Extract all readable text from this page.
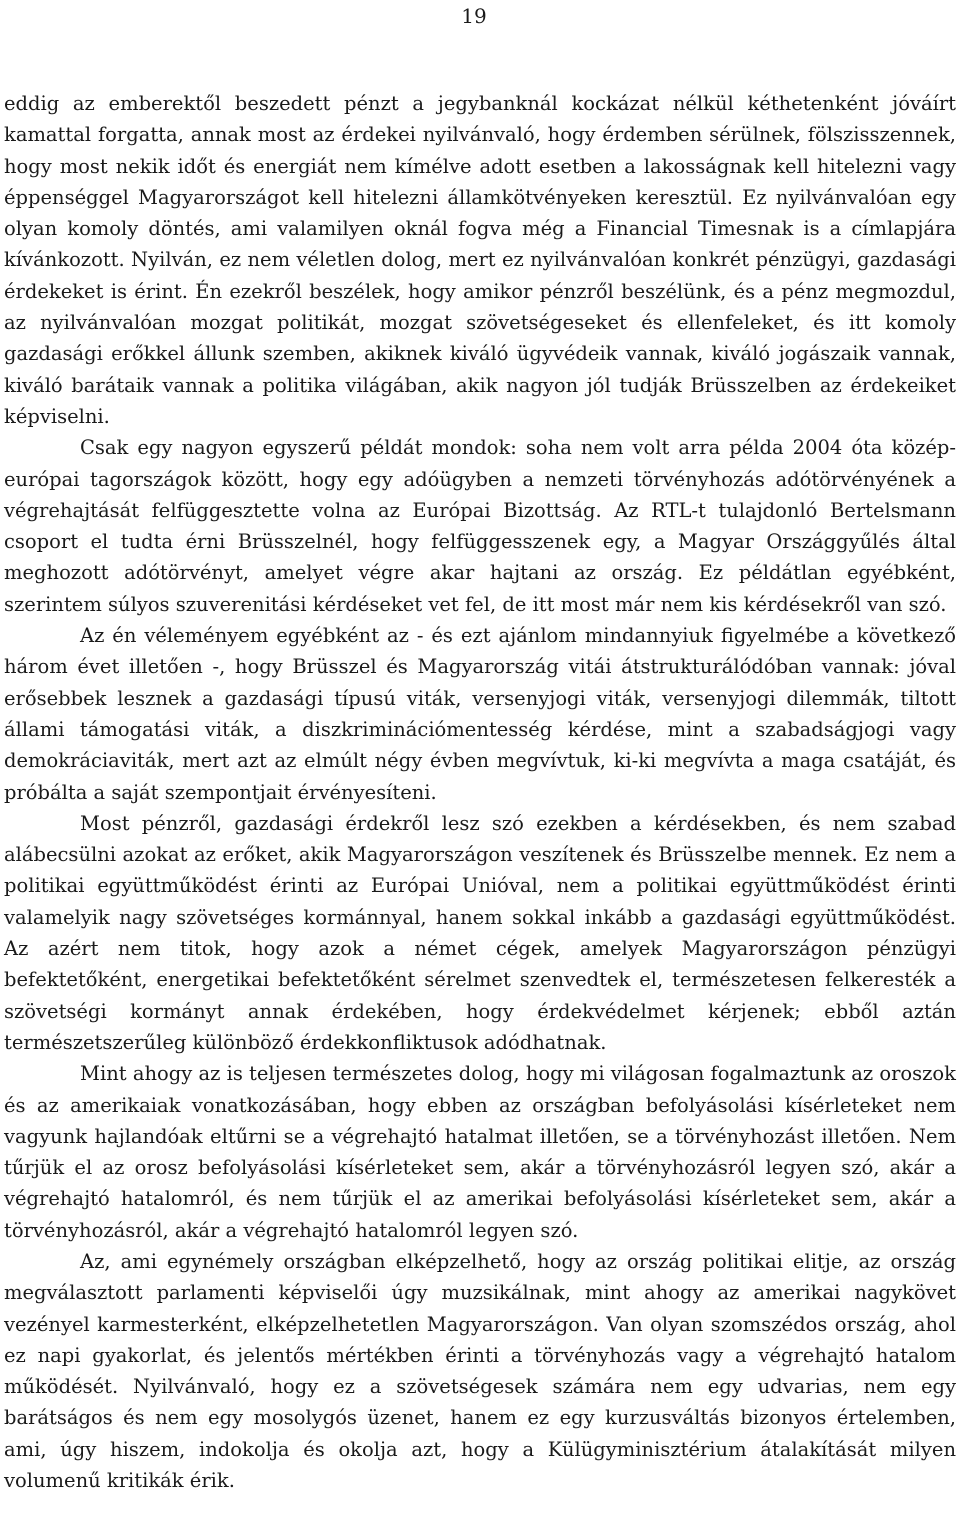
19

eddig az emberektől beszedett pénzt a jegybanknál kockázat nélkül kéthetenként jóváírt kamattal forgatta, annak most az érdekei nyilvánvaló, hogy érdemben sérülnek, fölszisszennek, hogy most nekik időt és energiát nem kímélve adott esetben a lakosságnak kell hitelezni vagy éppenséggel Magyarországot kell hitelezni államkötvényeken keresztül. Ez nyilvánvalóan egy olyan komoly döntés, ami valamilyen oknál fogva még a Financial Timesnak is a címlapjára kívánkozott. Nyilván, ez nem véletlen dolog, mert ez nyilvánvalóan konkrét pénzügyi, gazdasági érdekeket is érint. Én ezekről beszélek, hogy amikor pénzről beszélünk, és a pénz megmozdul, az nyilvánvalóan mozgat politikát, mozgat szövetségeseket és ellenfeleket, és itt komoly gazdasági erőkkel állunk szemben, akiknek kiváló ügyvédeik vannak, kiváló jogászaik vannak, kiváló barátaik vannak a politika világában, akik nagyon jól tudják Brüsszelben az érdekeiket képviselni.

Csak egy nagyon egyszerű példát mondok: soha nem volt arra példa 2004 óta közép-európai tagországok között, hogy egy adóügyben a nemzeti törvényhozás adótörvényének a végrehajtását felfüggesztette volna az Európai Bizottság. Az RTL-t tulajdonló Bertelsmann csoport el tudta érni Brüsszelnél, hogy felfüggesszenek egy, a Magyar Országgyűlés által meghozott adótörvényt, amelyet végre akar hajtani az ország. Ez példátlan egyébként, szerintem súlyos szuverenitási kérdéseket vet fel, de itt most már nem kis kérdésekről van szó.

Az én véleményem egyébként az - és ezt ajánlom mindannyiuk figyelmébe a következő három évet illetően -, hogy Brüsszel és Magyarország vitái átstrukturálódóban vannak: jóval erősebbek lesznek a gazdasági típusú viták, versenyjogi viták, versenyjogi dilemmák, tiltott állami támogatási viták, a diszkriminációmentesség kérdése, mint a szabadságjogi vagy demokráciaviták, mert azt az elmúlt négy évben megvívtuk, ki-ki megvívta a maga csatáját, és próbálta a saját szempontjait érvényesíteni.

Most pénzről, gazdasági érdekről lesz szó ezekben a kérdésekben, és nem szabad alábecsülni azokat az erőket, akik Magyarországon veszítenek és Brüsszelbe mennek. Ez nem a politikai együttműködést érinti az Európai Unióval, nem a politikai együttműködést érinti valamelyik nagy szövetséges kormánnyal, hanem sokkal inkább a gazdasági együttműködést. Az azért nem titok, hogy azok a német cégek, amelyek Magyarországon pénzügyi befektetőként, energetikai befektetőként sérelmet szenvedtek el, természetesen felkeresték a szövetségi kormányt annak érdekében, hogy érdekvédelmet kérjenek; ebből aztán természetszerűleg különböző érdekkonfliktusok adódhatnak.

Mint ahogy az is teljesen természetes dolog, hogy mi világosan fogalmaztunk az oroszok és az amerikaiak vonatkozásában, hogy ebben az országban befolyásolási kísérleteket nem vagyunk hajlandóak eltűrni se a végrehajtó hatalmat illetően, se a törvényhozást illetően. Nem tűrjük el az orosz befolyásolási kísérleteket sem, akár a törvényhozásról legyen szó, akár a végrehajtó hatalomról, és nem tűrjük el az amerikai befolyásolási kísérleteket sem, akár a törvényhozásról, akár a végrehajtó hatalomról legyen szó.

Az, ami egynémely országban elképzelhető, hogy az ország politikai elitje, az ország megválasztott parlamenti képviselői úgy muzsikálnak, mint ahogy az amerikai nagykövet vezényel karmesterként, elképzelhetetlen Magyarországon. Van olyan szomszédos ország, ahol ez napi gyakorlat, és jelentős mértékben érinti a törvényhozás vagy a végrehajtó hatalom működését. Nyilvánvaló, hogy ez a szövetségesek számára nem egy udvarias, nem egy barátságos és nem egy mosolygós üzenet, hanem ez egy kurzusváltás bizonyos értelemben, ami, úgy hiszem, indokolja és okolja azt, hogy a Külügyminisztérium átalakítását milyen volumenű kritikák érik.
